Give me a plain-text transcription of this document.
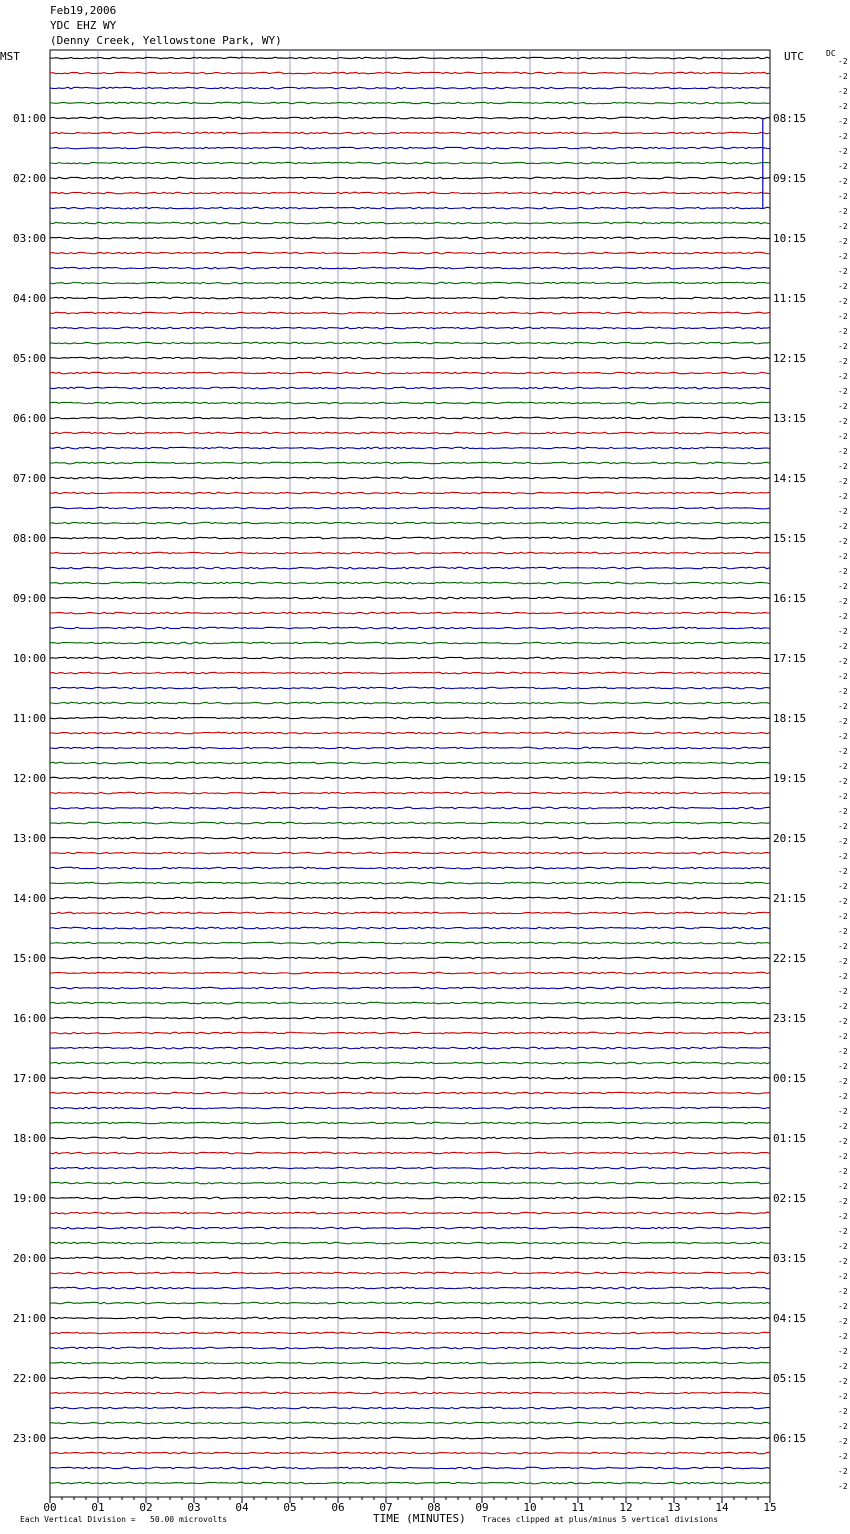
Feb19,2006
YDC EHZ WY
(Denny Creek, Yellowstone Park, WY)
-2
-2
-2
-2
-2
-2
-2
-2
-2
-2
-2
-2
-2
-2
-2
-2
-2
-2
-2
-2
-2
-2
-2
-2
-2
-2
-2
-2
-2
-2
-2
-2
-2
-2
-2
-2
-2
-2
-2
-2
-2
-2
-2
-2
-2
-2
-2
-2
-2
-2
-2
-2
-2
-2
-2
-2
-2
-2
-2
-2
-2
-2
-2
-2
-2
-2
-2
-2
-2
-2
-2
-2
-2
-2
-2
-2
-2
-2
-2
-2
-2
-2
-2
-2
-2
-2
-2
-2
-2
-2
-2
-2
-2
-2
-2
-2
MST	UTC	DC
01:00	08:15
02:00	09:15
03:00	10:15
04:00	11:15
05:00	12:15
06:00	13:15
07:00	14:15
08:00	15:15
09:00	16:15
10:00	17:15
11:00	18:15
12:00	19:15
13:00	20:15
14:00	21:15
15:00	22:15
16:00	23:15
17:00	00:15
18:00	01:15
19:00	02:15
20:00	03:15
21:00	04:15
22:00	05:15
23:00	06:15
00	01	02	03	04	05	06	07	08	09	10	11	12	13	14	15
Each Vertical Division =   50.00 microvolts	TIME (MINUTES) Traces clipped at plus/minus 5 vertical divisions
